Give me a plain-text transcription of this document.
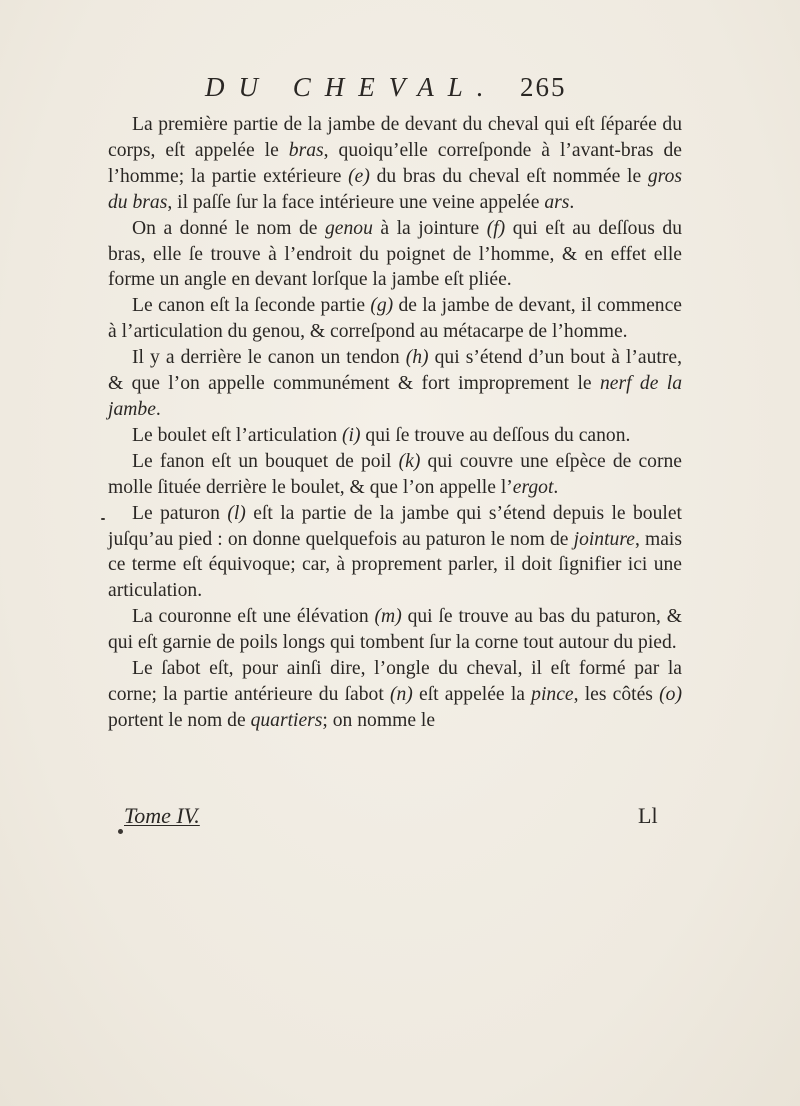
DU CHEVAL. 265

La première partie de la jambe de devant du cheval qui eſt ſéparée du corps, eſt appelée le bras, quoiqu’elle correſponde à l’avant-bras de l’homme; la partie extérieure (e) du bras du cheval eſt nommée le gros du bras, il paſſe ſur la face intérieure une veine appelée ars.

On a donné le nom de genou à la jointure (f) qui eſt au deſſous du bras, elle ſe trouve à l’endroit du poignet de l’homme, & en effet elle forme un angle en devant lorſque la jambe eſt pliée.

Le canon eſt la ſeconde partie (g) de la jambe de devant, il commence à l’articulation du genou, & correſpond au métacarpe de l’homme.

Il y a derrière le canon un tendon (h) qui s’étend d’un bout à l’autre, & que l’on appelle communément & fort improprement le nerf de la jambe.

Le boulet eſt l’articulation (i) qui ſe trouve au deſſous du canon.

Le fanon eſt un bouquet de poil (k) qui couvre une eſpèce de corne molle ſituée derrière le boulet, & que l’on appelle l’ergot.

Le paturon (l) eſt la partie de la jambe qui s’étend depuis le boulet juſqu’au pied : on donne quelquefois au paturon le nom de jointure, mais ce terme eſt équivoque; car, à proprement parler, il doit ſignifier ici une articulation.

La couronne eſt une élévation (m) qui ſe trouve au bas du paturon, & qui eſt garnie de poils longs qui tombent ſur la corne tout autour du pied.

Le ſabot eſt, pour ainſi dire, l’ongle du cheval, il eſt formé par la corne; la partie antérieure du ſabot (n) eſt appelée la pince, les côtés (o) portent le nom de quartiers; on nomme le

Tome IV.	Ll
